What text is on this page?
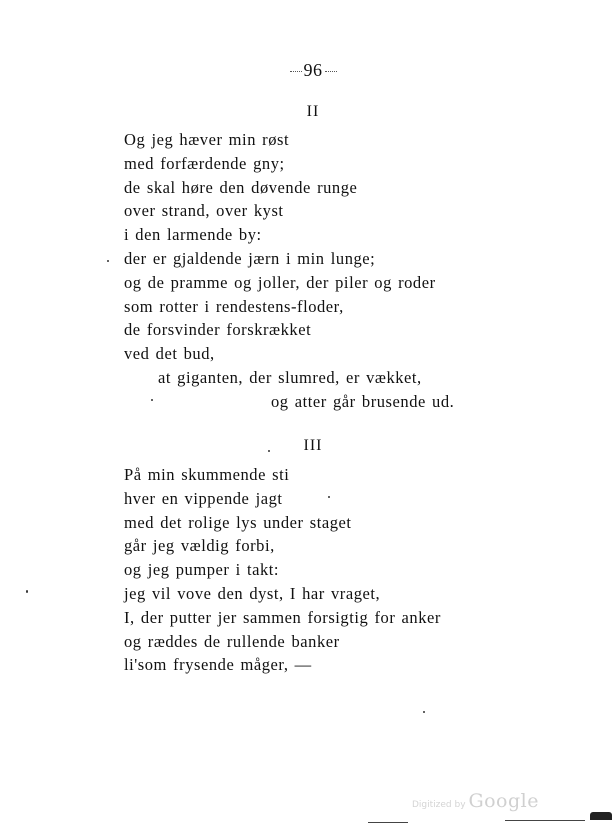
96
II
Og jeg hæver min røst
med forfærdende gny;
de skal høre den døvende runge
over strand, over kyst
i den larmende by:
der er gjaldende jærn i min lunge;
og de pramme og joller, der piler og roder
som rotter i rendestens-floder,
de forsvinder forskrækket
ved det bud,
at giganten, der slumred, er vækket,
og atter går brusende ud.
III
På min skummende sti
hver en vippende jagt
med det rolige lys under staget
går jeg vældig forbi,
og jeg pumper i takt:
jeg vil vove den dyst, I har vraget,
I, der putter jer sammen forsigtig for anker
og ræddes de rullende banker
li'som frysende måger, —
Digitized by Google
